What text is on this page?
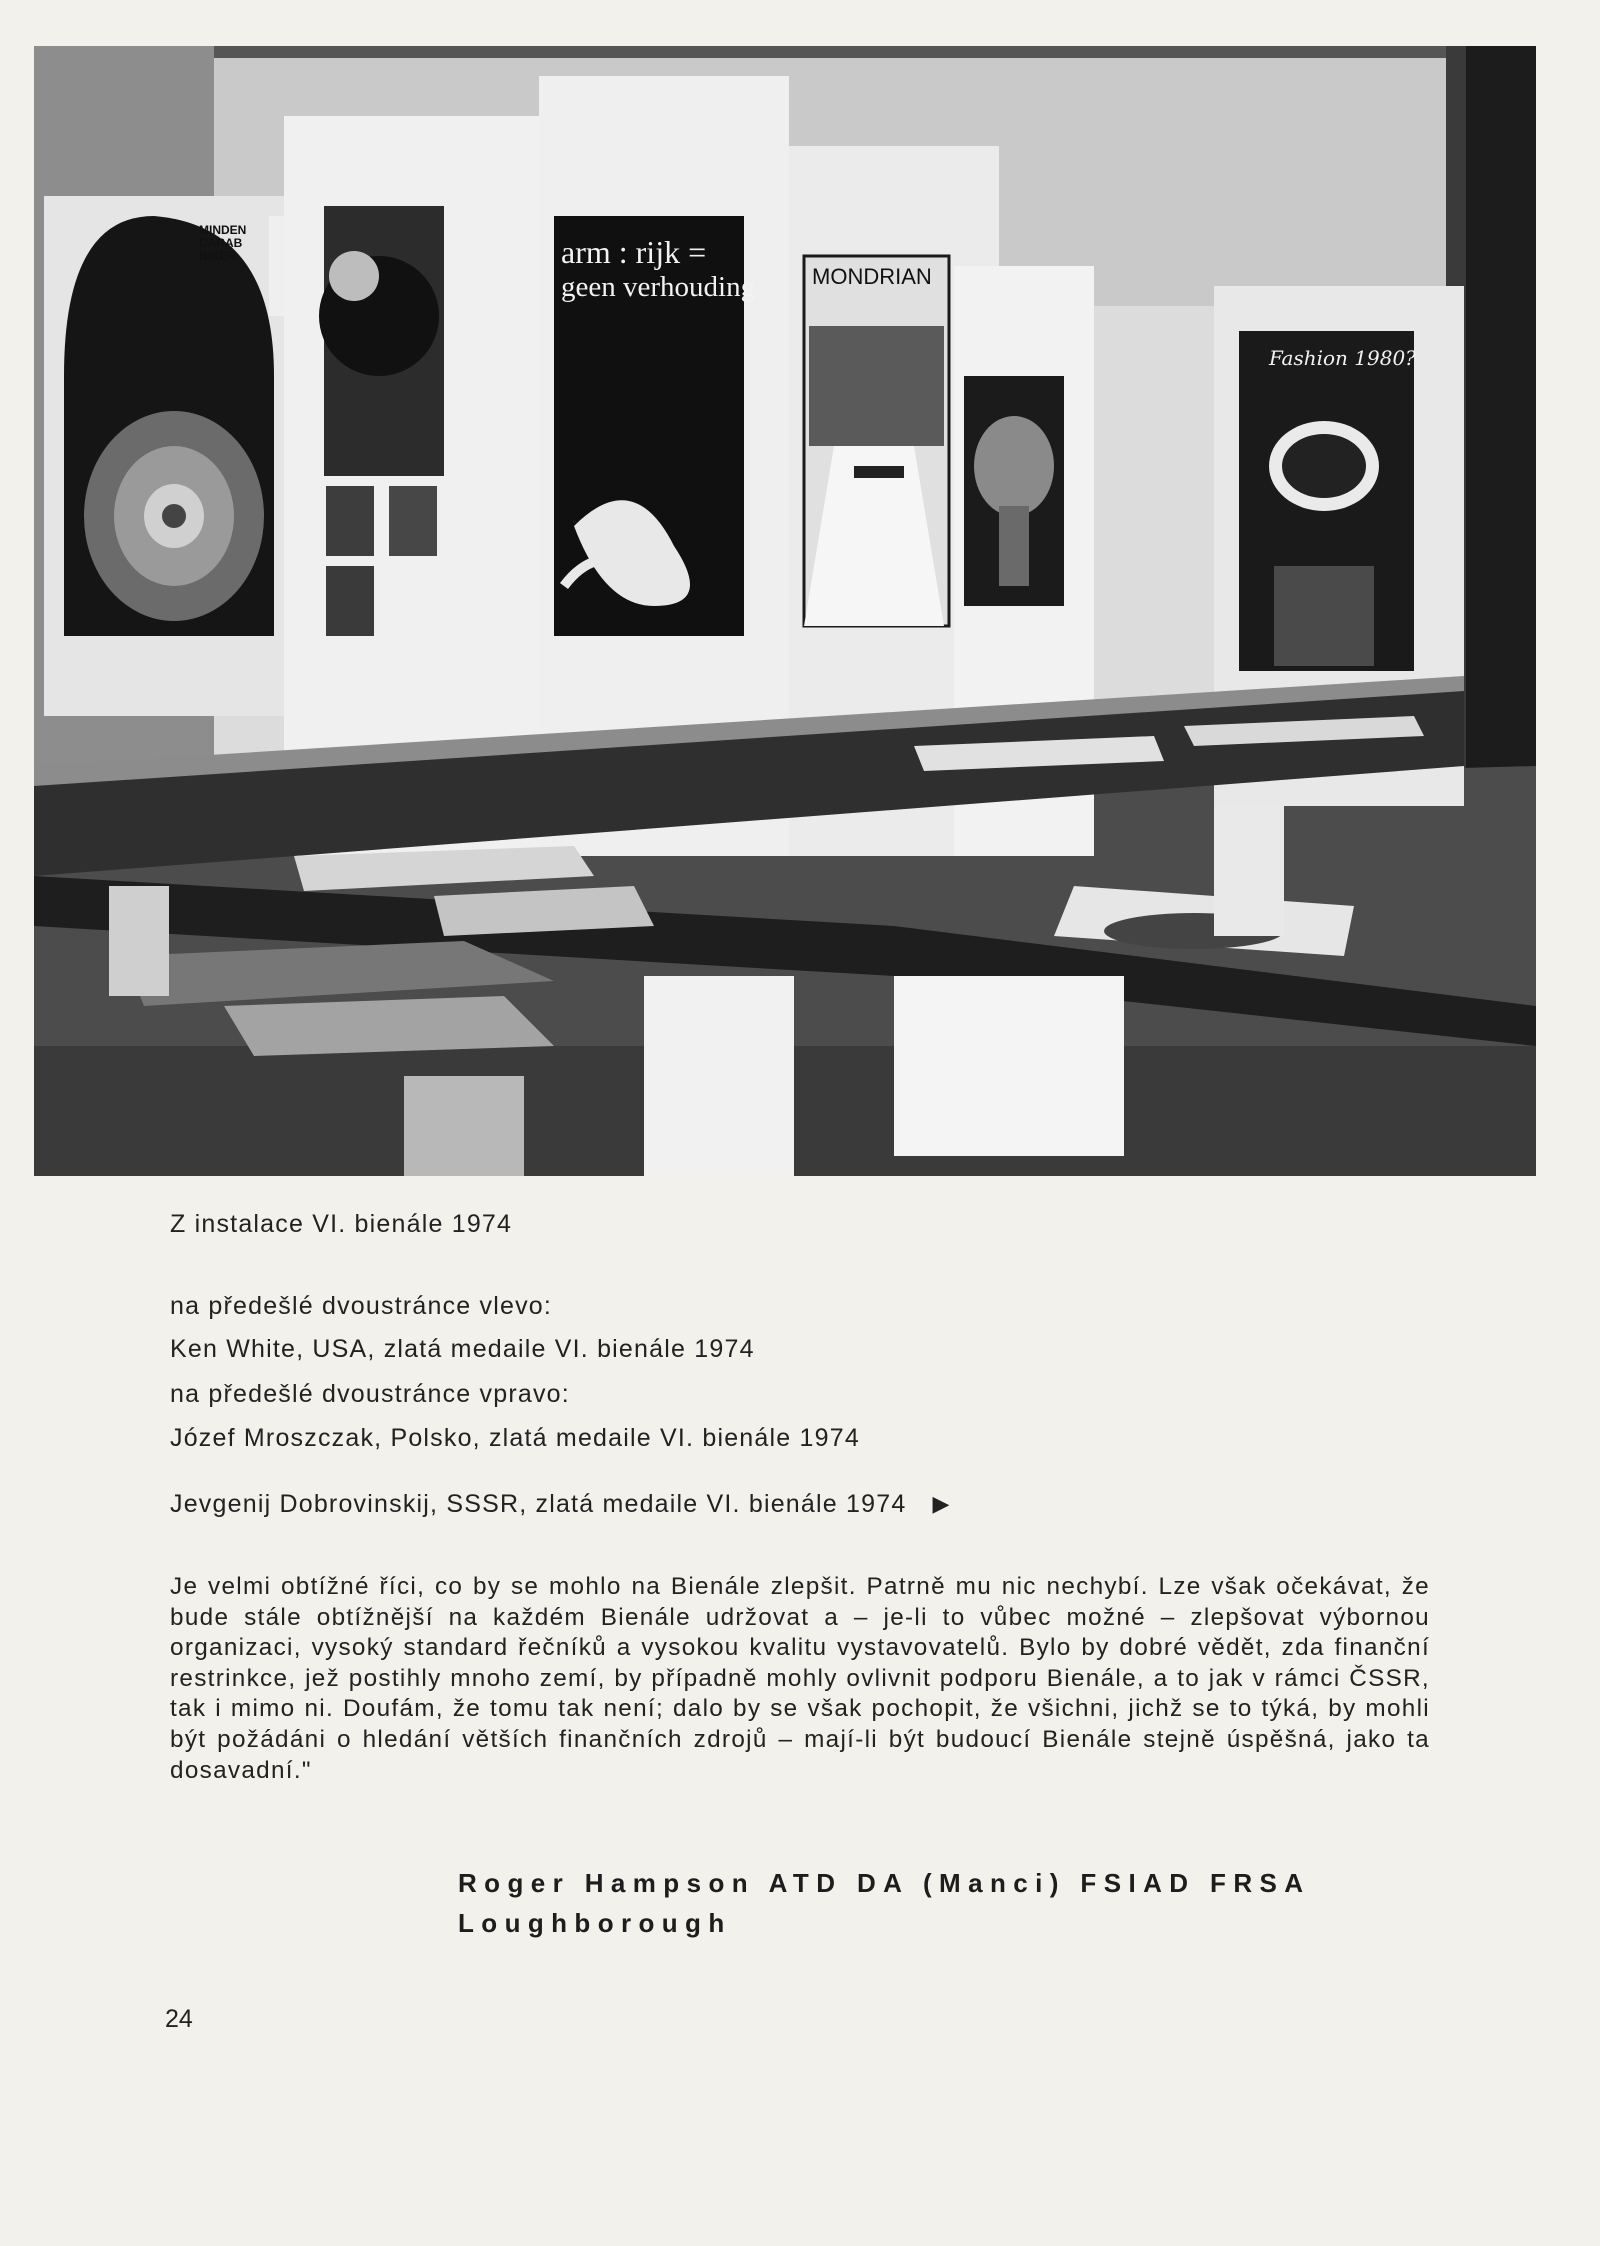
MINDEN
DARAB
BIKER	arm : rijk =
geen verhouding	MONDRIAN
Fashion 1980?

Z instalace VI. bienále 1974

na předešlé dvoustránce vlevo:

Ken White, USA, zlatá medaile VI. bienále 1974

na předešlé dvoustránce vpravo:

Józef Mroszczak, Polsko, zlatá medaile VI. bienále 1974

Jevgenij Dobrovinskij, SSSR, zlatá medaile VI. bienále 1974 ▶

Je velmi obtížné říci, co by se mohlo na Bienále zlepšit. Patrně mu nic nechybí. Lze však očekávat, že bude stále obtížnější na každém Bienále udržovat a – je-li to vůbec možné – zlepšovat výbornou organizaci, vysoký standard řečníků a vysokou kvalitu vystavovatelů. Bylo by dobré vědět, zda finanční restrinkce, jež postihly mnoho zemí, by případně mohly ovlivnit podporu Bienále, a to jak v rámci ČSSR, tak i mimo ni. Doufám, že tomu tak není; dalo by se však pochopit, že všichni, jichž se to týká, by mohli být požádáni o hledání větších finančních zdrojů – mají-li být budoucí Bienále stejně úspěšná, jako ta dosavadní."

Roger Hampson ATD DA (Manci) FSIAD FRSA
Loughborough
24
